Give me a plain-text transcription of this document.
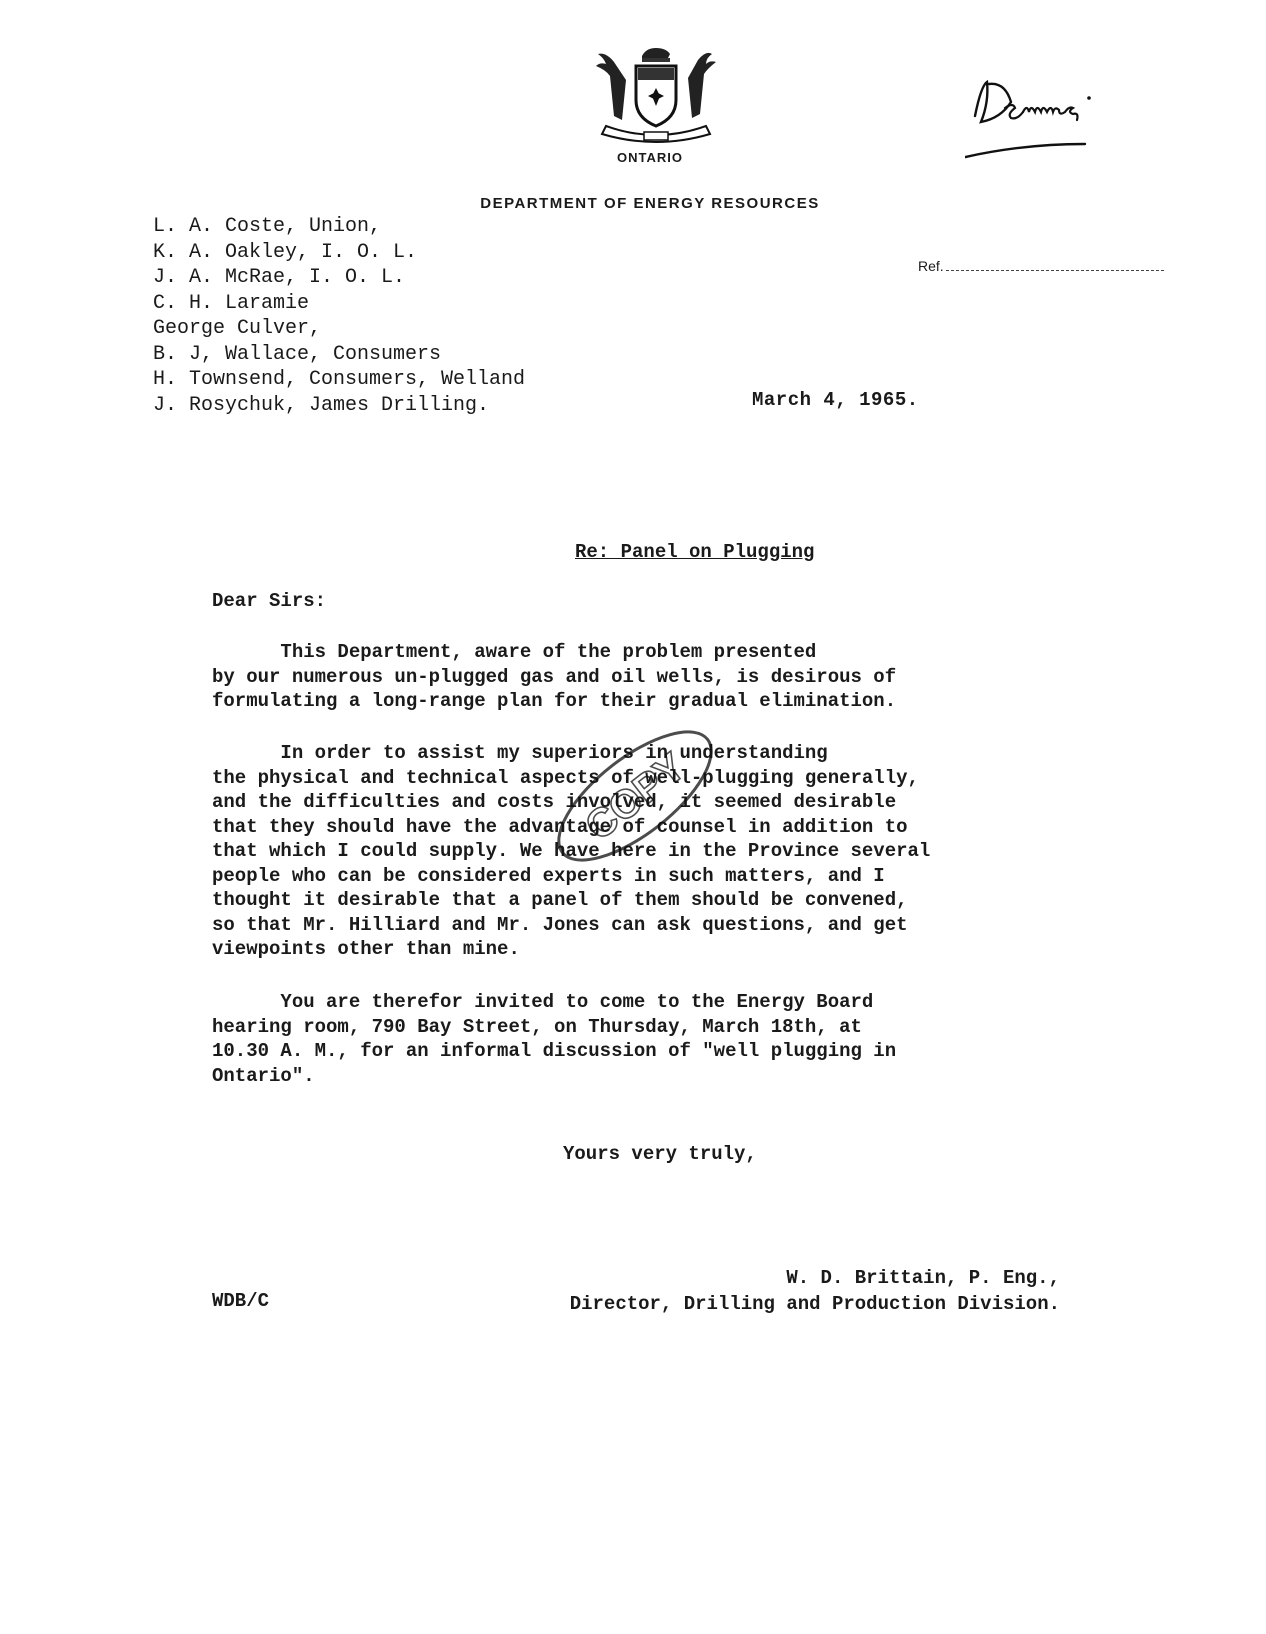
ONTARIO
DEPARTMENT OF ENERGY RESOURCES
Ref.
L. A. Coste, Union,
K. A. Oakley, I. O. L.
J. A. McRae, I. O. L.
C. H. Laramie
George Culver,
B. J, Wallace, Consumers
H. Townsend, Consumers, Welland
J. Rosychuk, James Drilling.	March 4, 1965.
Re: Panel on Plugging
Dear Sirs:
This Department, aware of the problem presented
by our numerous un-plugged gas and oil wells, is desirous of
formulating a long-range plan for their gradual elimination.
In order to assist my superiors in understanding
the physical and technical aspects of well-plugging generally,
and the difficulties and costs involved, it seemed desirable
that they should have the advantage of counsel in addition to
that which I could supply. We have here in the Province several
people who can be considered experts in such matters, and I
thought it desirable that a panel of them should be convened,
so that Mr. Hilliard and Mr. Jones can ask questions, and get
viewpoints other than mine.
You are therefor invited to come to the Energy Board
hearing room, 790 Bay Street, on Thursday, March 18th, at
10.30 A. M., for an informal discussion of "well plugging in
Ontario".
COPY
Yours very truly,
W. D. Brittain, P. Eng.,
Director, Drilling and Production Division.
WDB/C
